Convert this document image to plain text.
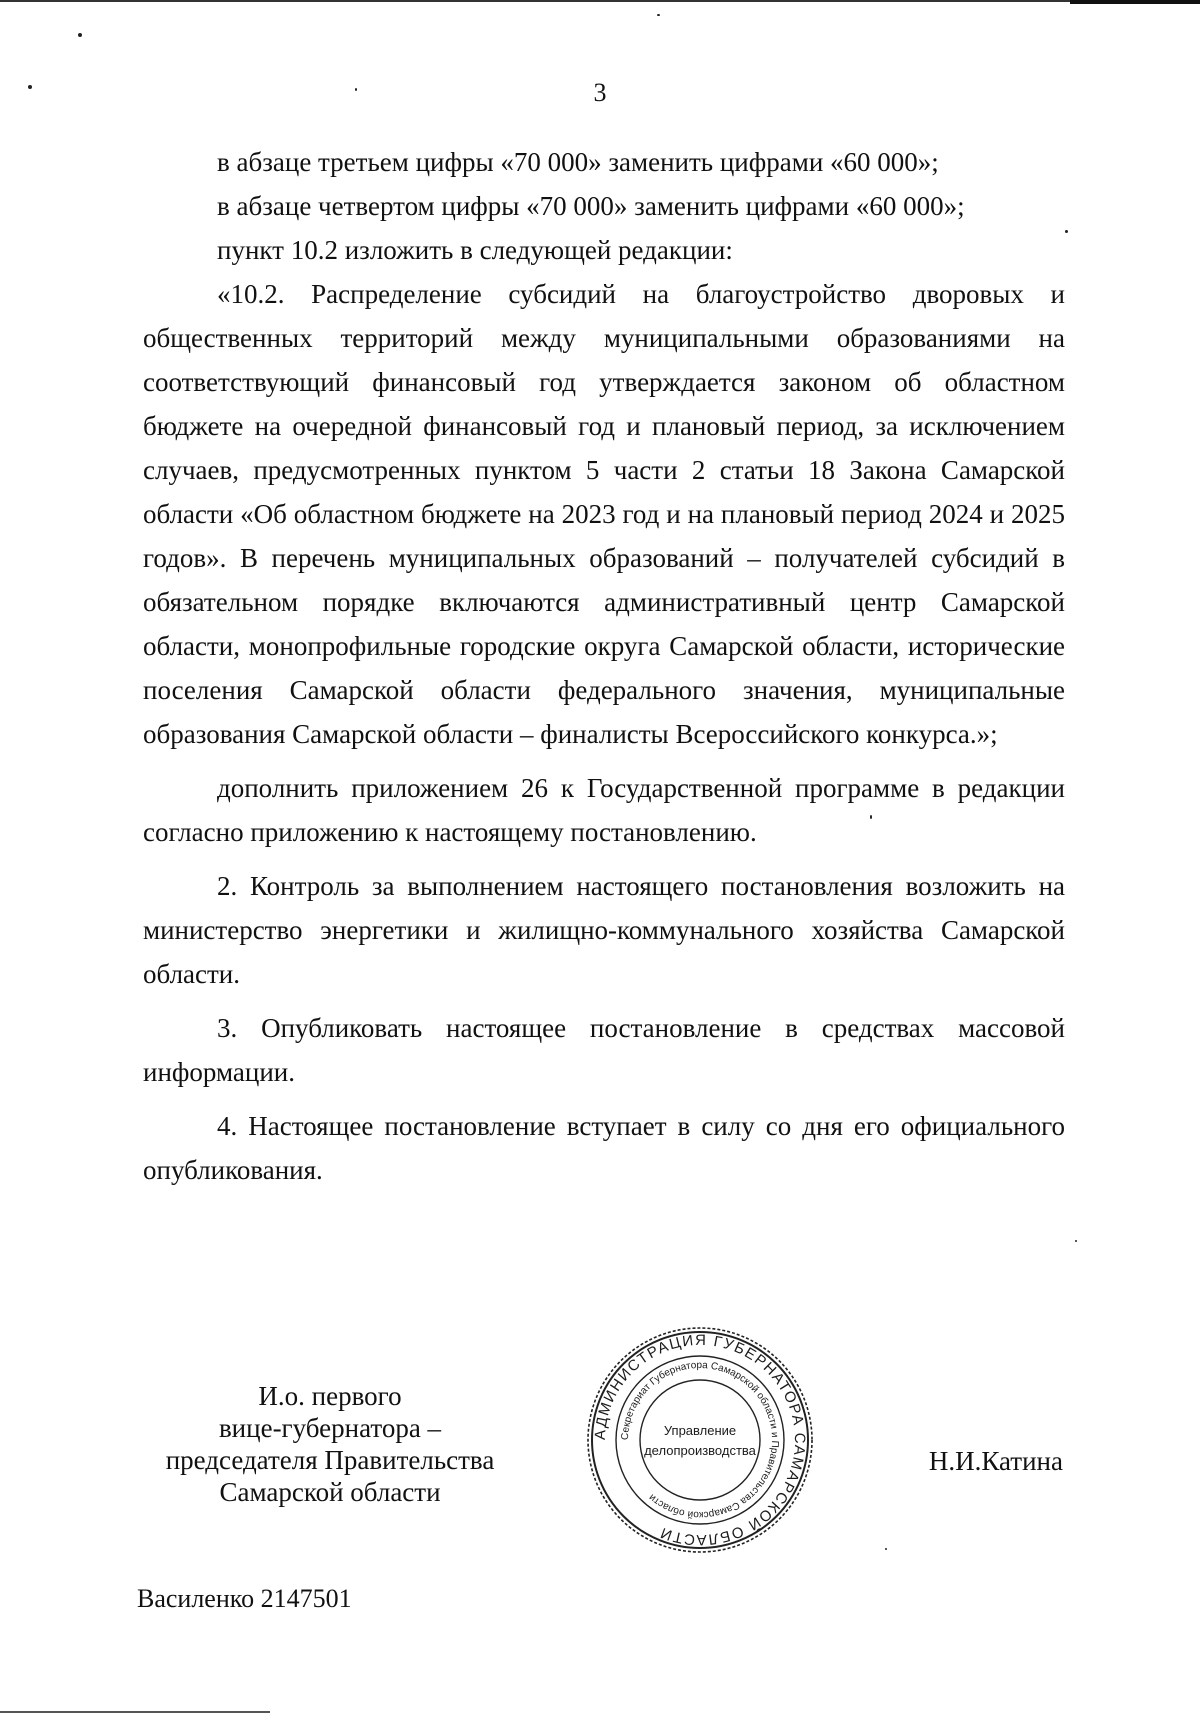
3

в абзаце третьем цифры «70 000» заменить цифрами «60 000»;

в абзаце четвертом цифры «70 000» заменить цифрами «60 000»;

пункт 10.2 изложить в следующей редакции:

«10.2. Распределение субсидий на благоустройство дворовых и общественных территорий между муниципальными образованиями на соответствующий финансовый год утверждается законом об областном бюджете на очередной финансовый год и плановый период, за исключением случаев, предусмотренных пунктом 5 части 2 статьи 18 Закона Самарской области «Об областном бюджете на 2023 год и на плановый период 2024 и 2025 годов». В перечень муниципальных образований – получателей субсидий в обязательном порядке включаются административный центр Самарской области, монопрофильные городские округа Самарской области, исторические поселения Самарской области федерального значения, муниципальные образования Самарской области – финалисты Всероссийского конкурса.»;

дополнить приложением 26 к Государственной программе в редакции согласно приложению к настоящему постановлению.

2. Контроль за выполнением настоящего постановления возложить на министерство энергетики и жилищно-коммунального хозяйства Самарской области.

3. Опубликовать настоящее постановление в средствах массовой информации.

4. Настоящее постановление вступает в силу со дня его официального опубликования.

И.о. первого
вице-губернатора –
председателя Правительства
Самарской области
АДМИНИСТРАЦИЯ ГУБЕРНАТОРА САМАРСКОЙ ОБЛАСТИ
Секретариат Губернатора Самарской области и Правительства Самарской области
Управление
делопроизводства	Н.И.Катина
Василенко 2147501
